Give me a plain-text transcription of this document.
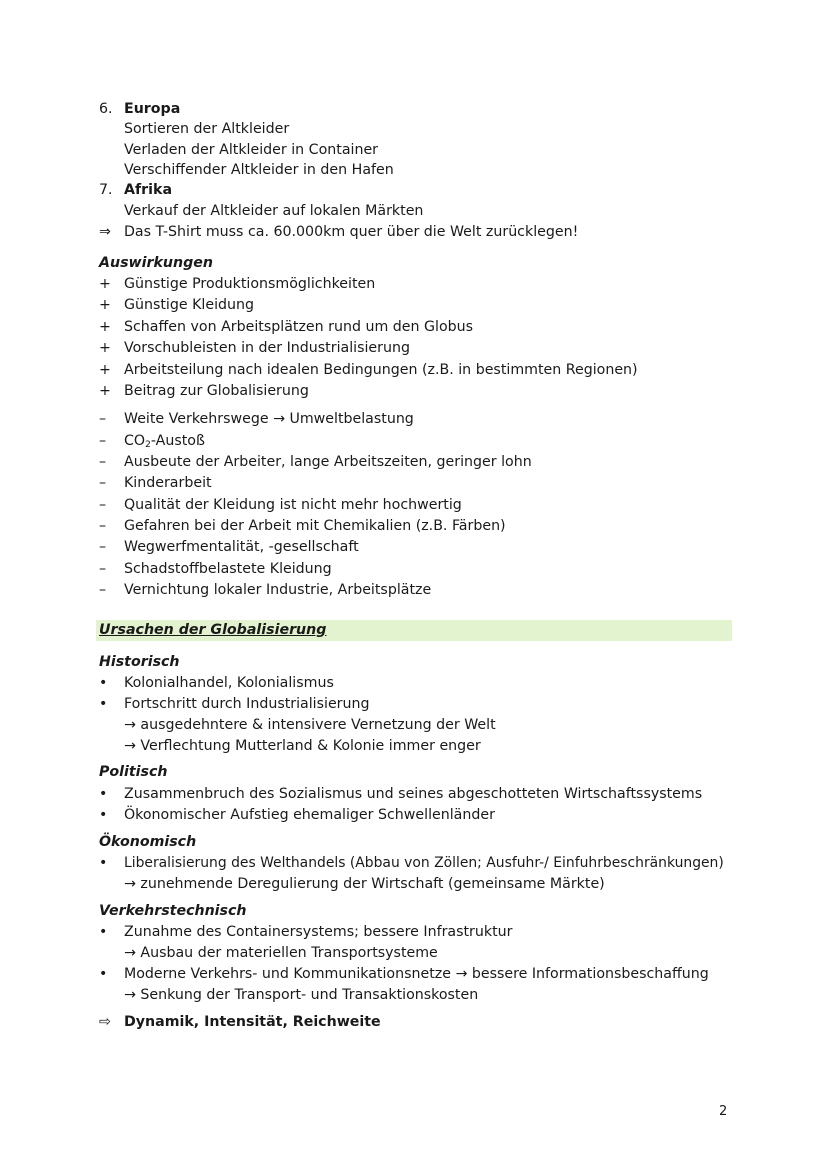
6. Europa
Sortieren der Altkleider
Verladen der Altkleider in Container
Verschiffender Altkleider in den Hafen
7. Afrika
Verkauf der Altkleider auf lokalen Märkten
⇒ Das T-Shirt muss ca. 60.000km quer über die Welt zurücklegen!
Auswirkungen
+ Günstige Produktionsmöglichkeiten
+ Günstige Kleidung
+ Schaffen von Arbeitsplätzen rund um den Globus
+ Vorschubleisten in der Industrialisierung
+ Arbeitsteilung nach idealen Bedingungen (z.B. in bestimmten Regionen)
+ Beitrag zur Globalisierung
–	Weite Verkehrswege → Umweltbelastung
–	$CO_2$-Austoß
–	Ausbeute der Arbeiter, lange Arbeitszeiten, geringer lohn
–	Kinderarbeit
–	Qualität der Kleidung ist nicht mehr hochwertig
–	Gefahren bei der Arbeit mit Chemikalien (z.B. Färben)
–	Wegwerfmentalität, -gesellschaft
–	Schadstoffbelastete Kleidung
–	Vernichtung lokaler Industrie, Arbeitsplätze
Ursachen der Globalisierung
Historisch
•	Kolonialhandel, Kolonialismus
•	Fortschritt durch Industrialisierung
→ ausgedehntere & intensivere Vernetzung der Welt
→ Verflechtung Mutterland & Kolonie immer enger
Politisch
•	Zusammenbruch des Sozialismus und seines abgeschotteten Wirtschaftssystems
•	Ökonomischer Aufstieg ehemaliger Schwellenländer
Ökonomisch
•	Liberalisierung des Welthandels (Abbau von Zöllen; Ausfuhr-/ Einfuhrbeschränkungen)
→ zunehmende Deregulierung der Wirtschaft (gemeinsame Märkte)
Verkehrstechnisch
•	Zunahme des Containersystems; bessere Infrastruktur
→ Ausbau der materiellen Transportsysteme
•	Moderne Verkehrs- und Kommunikationsnetze → bessere Informationsbeschaffung
→ Senkung der Transport- und Transaktionskosten
⇨ Dynamik, Intensität, Reichweite
2
